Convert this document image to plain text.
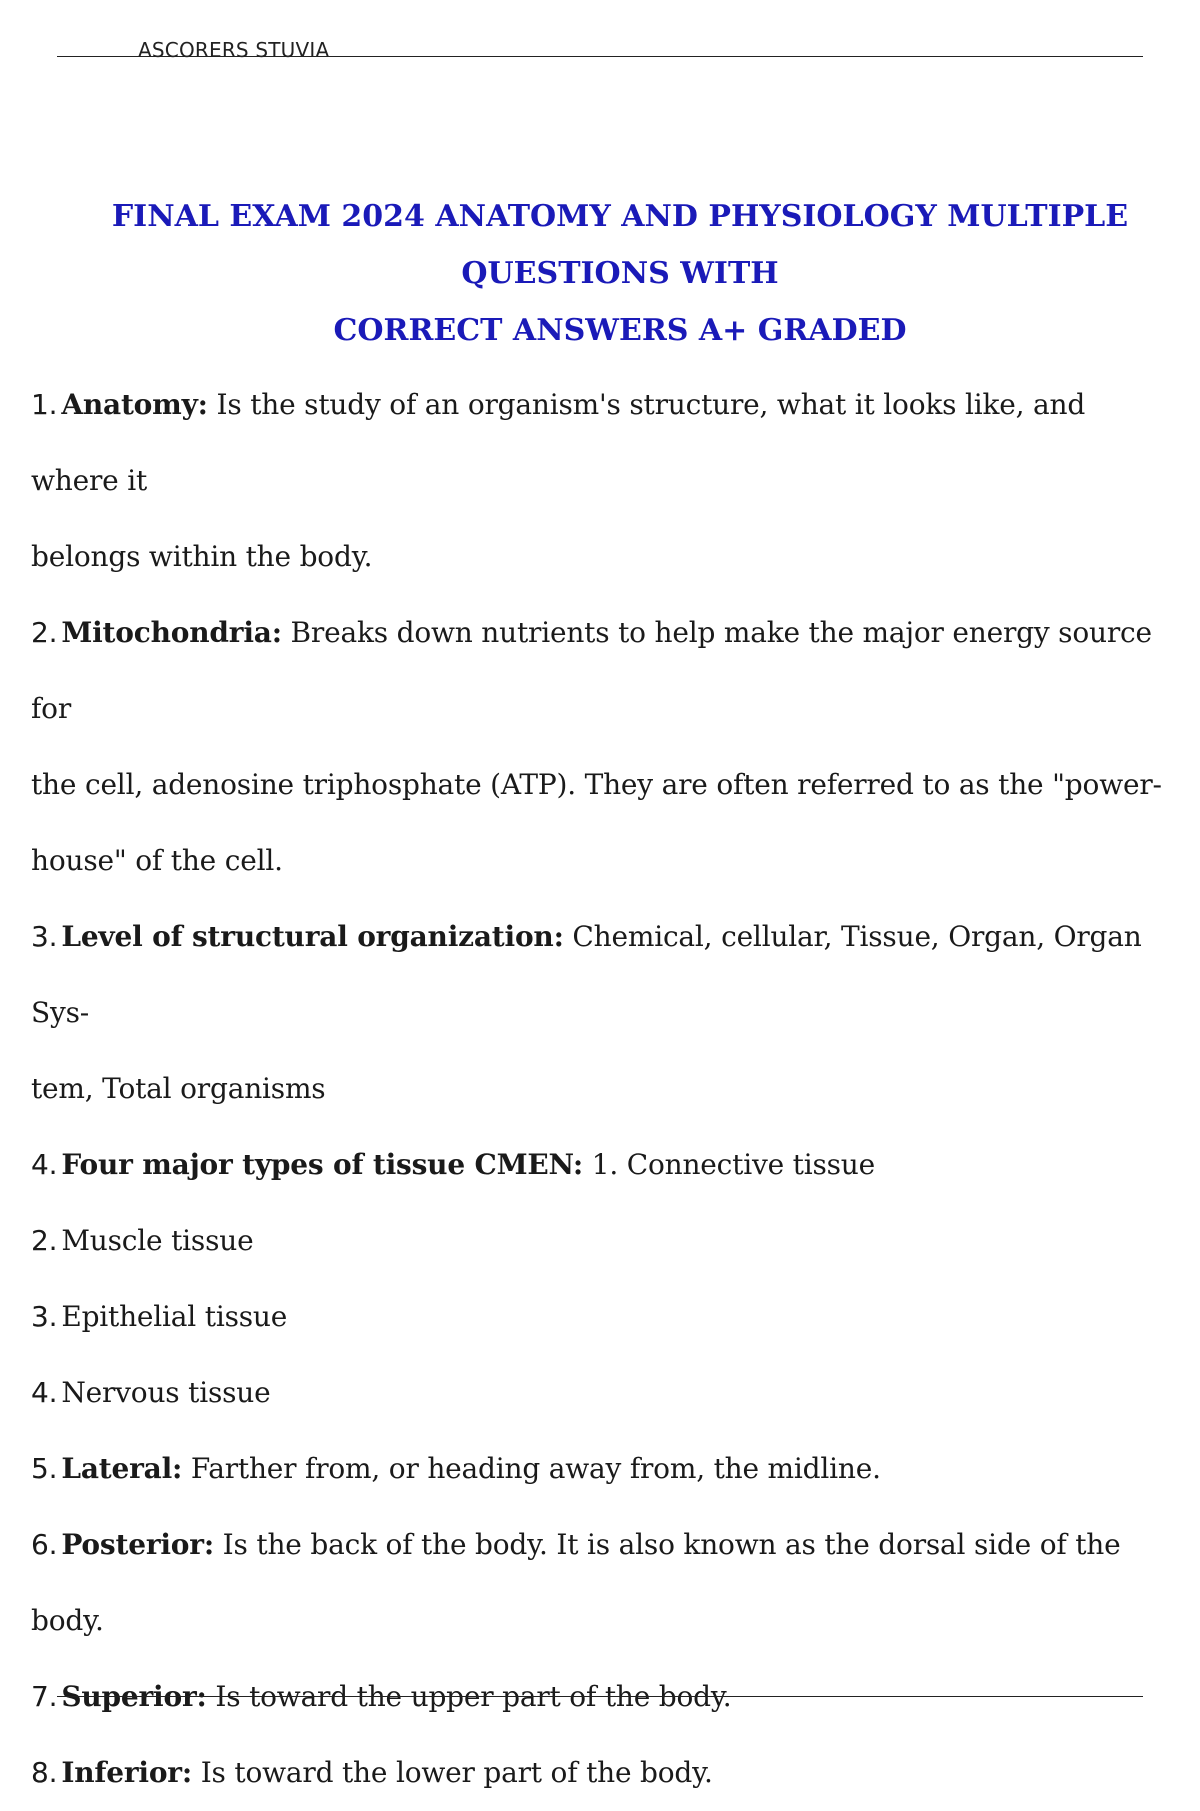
ASCORERS STUVIA
FINAL EXAM 2024 ANATOMY AND PHYSIOLOGY MULTIPLE QUESTIONS WITH
CORRECT ANSWERS A+ GRADED

1. Anatomy: Is the study of an organism's structure, what it looks like, and where it

belongs within the body.

2. Mitochondria: Breaks down nutrients to help make the major energy source for

the cell, adenosine triphosphate (ATP). They are often referred to as the "power-

house" of the cell.

3. Level of structural organization: Chemical, cellular, Tissue, Organ, Organ Sys-

tem, Total organisms

4. Four major types of tissue CMEN: 1. Connective tissue

2. Muscle tissue

3. Epithelial tissue

4. Nervous tissue

5. Lateral: Farther from, or heading away from, the midline.

6. Posterior: Is the back of the body. It is also known as the dorsal side of the body.

7. Superior: Is toward the upper part of the body.

8. Inferior: Is toward the lower part of the body.
